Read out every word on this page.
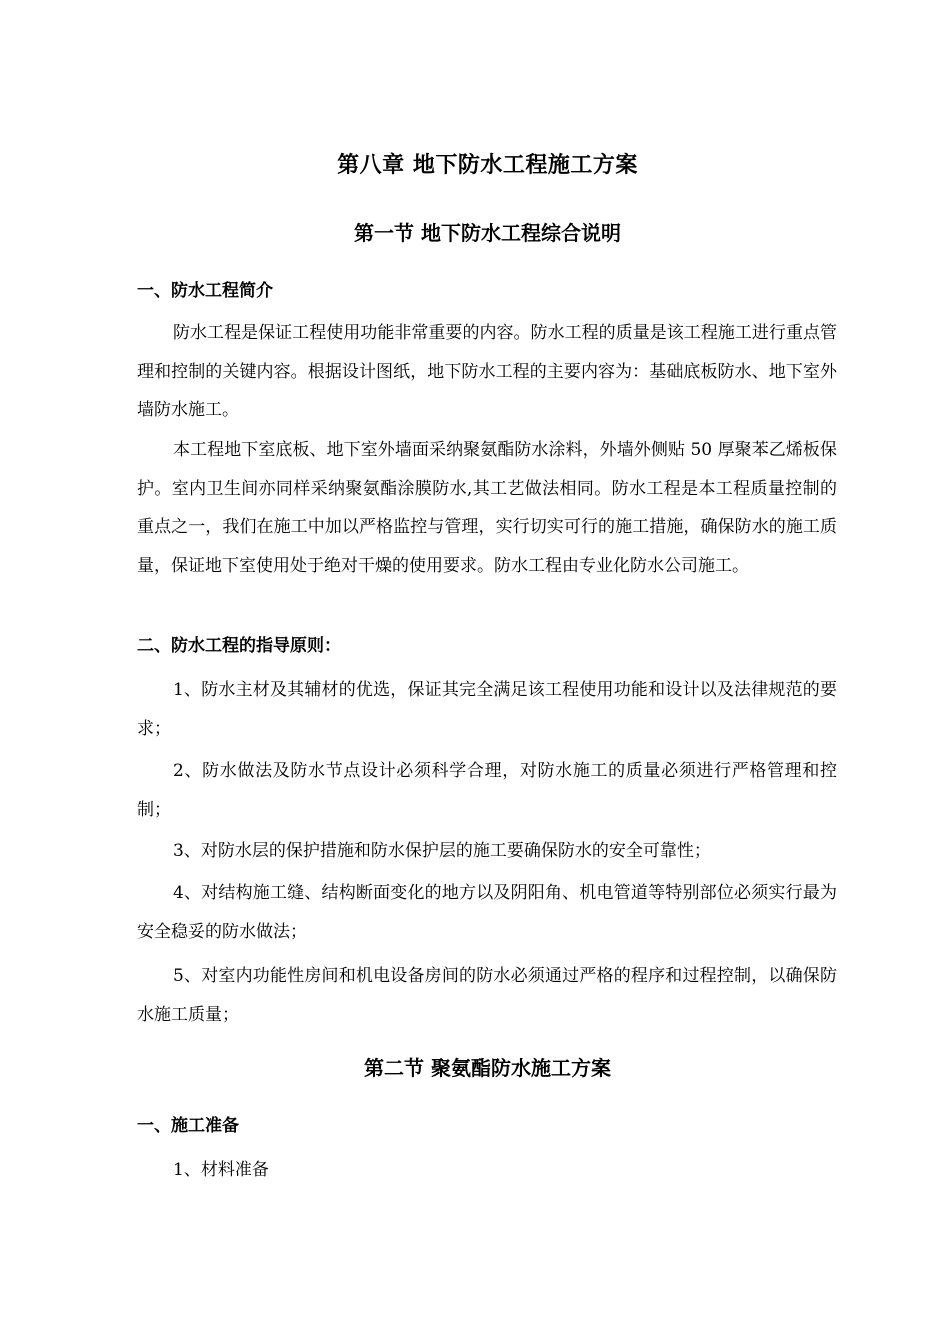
第八章 地下防水工程施工方案
第一节 地下防水工程综合说明
一、防水工程简介

防水工程是保证工程使用功能非常重要的内容。防水工程的质量是该工程施工进行重点管理和控制的关键内容。根据设计图纸，地下防水工程的主要内容为：基础底板防水、地下室外墙防水施工。

本工程地下室底板、地下室外墙面采纳聚氨酯防水涂料，外墙外侧贴 50 厚聚苯乙烯板保护。室内卫生间亦同样采纳聚氨酯涂膜防水,其工艺做法相同。防水工程是本工程质量控制的重点之一，我们在施工中加以严格监控与管理，实行切实可行的施工措施，确保防水的施工质量，保证地下室使用处于绝对干燥的使用要求。防水工程由专业化防水公司施工。

二、防水工程的指导原则：

1、防水主材及其辅材的优选，保证其完全满足该工程使用功能和设计以及法律规范的要求；

2、防水做法及防水节点设计必须科学合理，对防水施工的质量必须进行严格管理和控制；

3、对防水层的保护措施和防水保护层的施工要确保防水的安全可靠性；

4、对结构施工缝、结构断面变化的地方以及阴阳角、机电管道等特别部位必须实行最为安全稳妥的防水做法；

5、对室内功能性房间和机电设备房间的防水必须通过严格的程序和过程控制，以确保防水施工质量；

第二节 聚氨酯防水施工方案
一、施工准备

1、材料准备
